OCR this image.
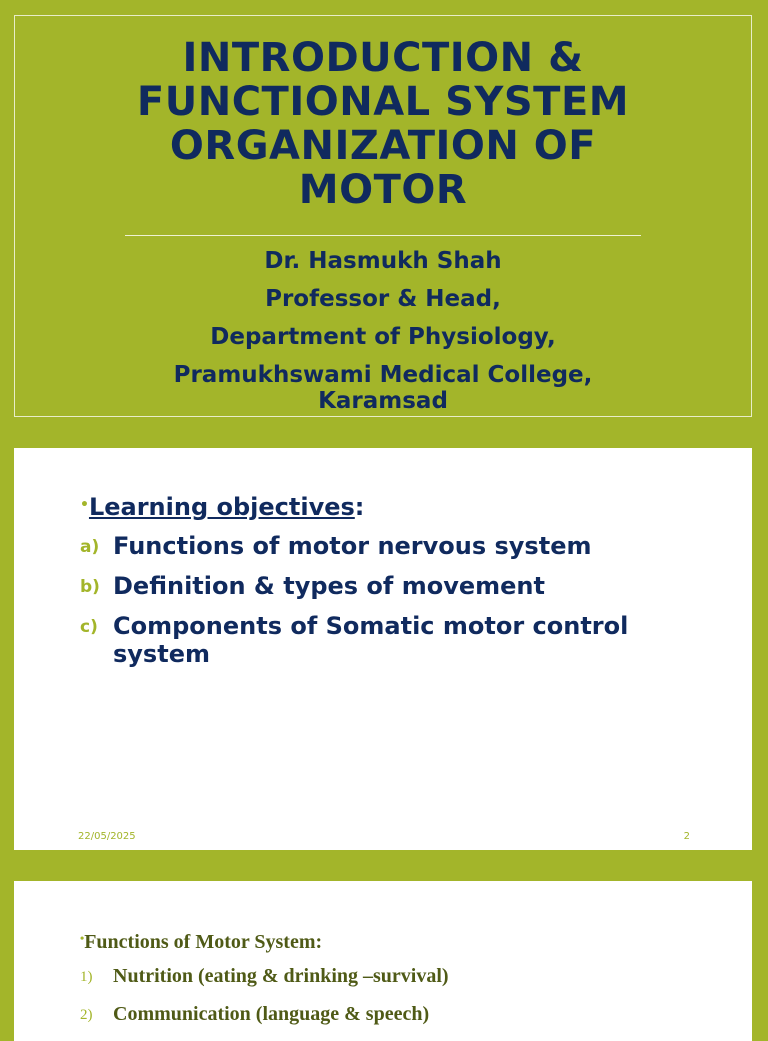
INTRODUCTION &
FUNCTIONAL SYSTEM
ORGANIZATION OF
MOTOR
Dr. Hasmukh Shah
Professor & Head,
Department of Physiology,
Pramukhswami Medical College,
Karamsad
•Learning objectives:
a) Functions of motor nervous system
b) Definition & types of movement
c) Components of Somatic motor control system
22/05/2025	2
•Functions of Motor System:
1)	Nutrition (eating & drinking –survival)
2)	Communication (language & speech)
